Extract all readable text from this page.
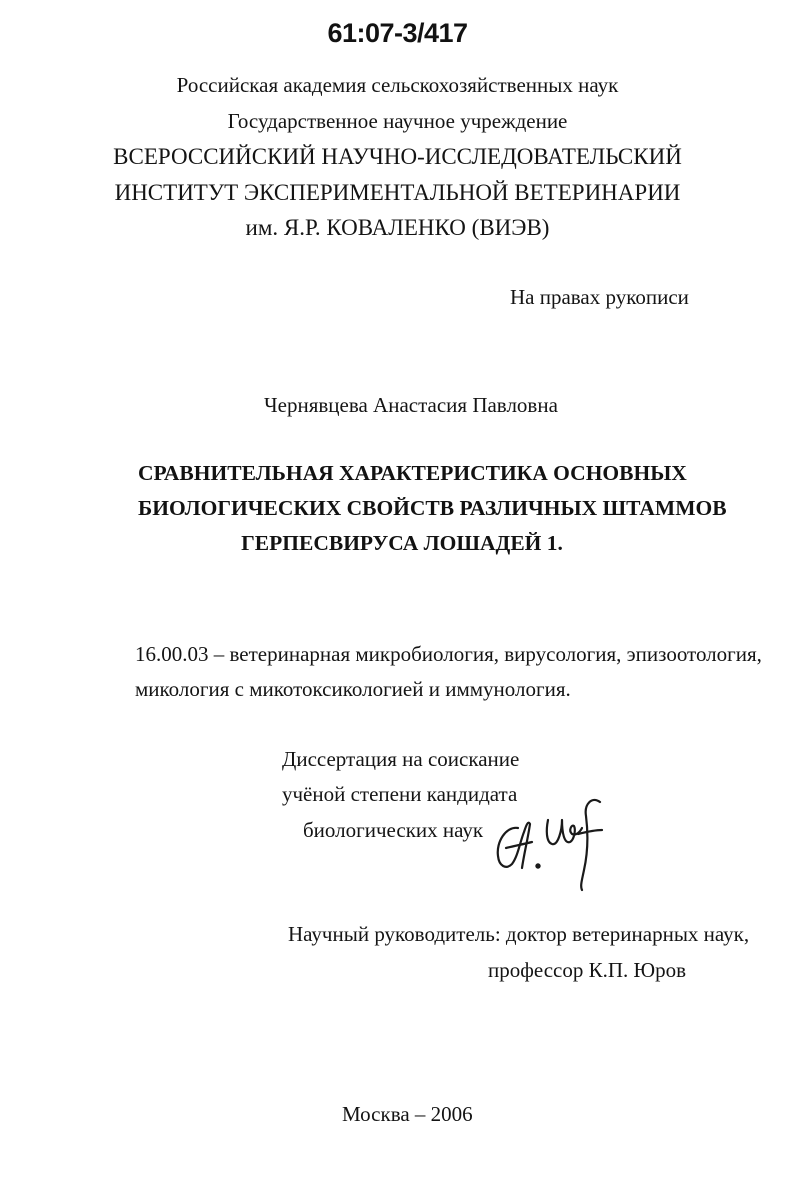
61:07-3/417
Российская академия сельскохозяйственных наук
Государственное научное учреждение
ВСЕРОССИЙСКИЙ НАУЧНО-ИССЛЕДОВАТЕЛЬСКИЙ
ИНСТИТУТ ЭКСПЕРИМЕНТАЛЬНОЙ ВЕТЕРИНАРИИ
им. Я.Р. КОВАЛЕНКО (ВИЭВ)
На правах рукописи
Чернявцева Анастасия Павловна
СРАВНИТЕЛЬНАЯ ХАРАКТЕРИСТИКА ОСНОВНЫХ
БИОЛОГИЧЕСКИХ СВОЙСТВ РАЗЛИЧНЫХ ШТАММОВ
ГЕРПЕСВИРУСА ЛОШАДЕЙ 1.
16.00.03 – ветеринарная микробиология, вирусология, эпизоотология,
микология с микотоксикологией и иммунология.
Диссертация на соискание
учёной степени кандидата
биологических наук
Научный руководитель: доктор ветеринарных наук,
профессор К.П. Юров
Москва – 2006
